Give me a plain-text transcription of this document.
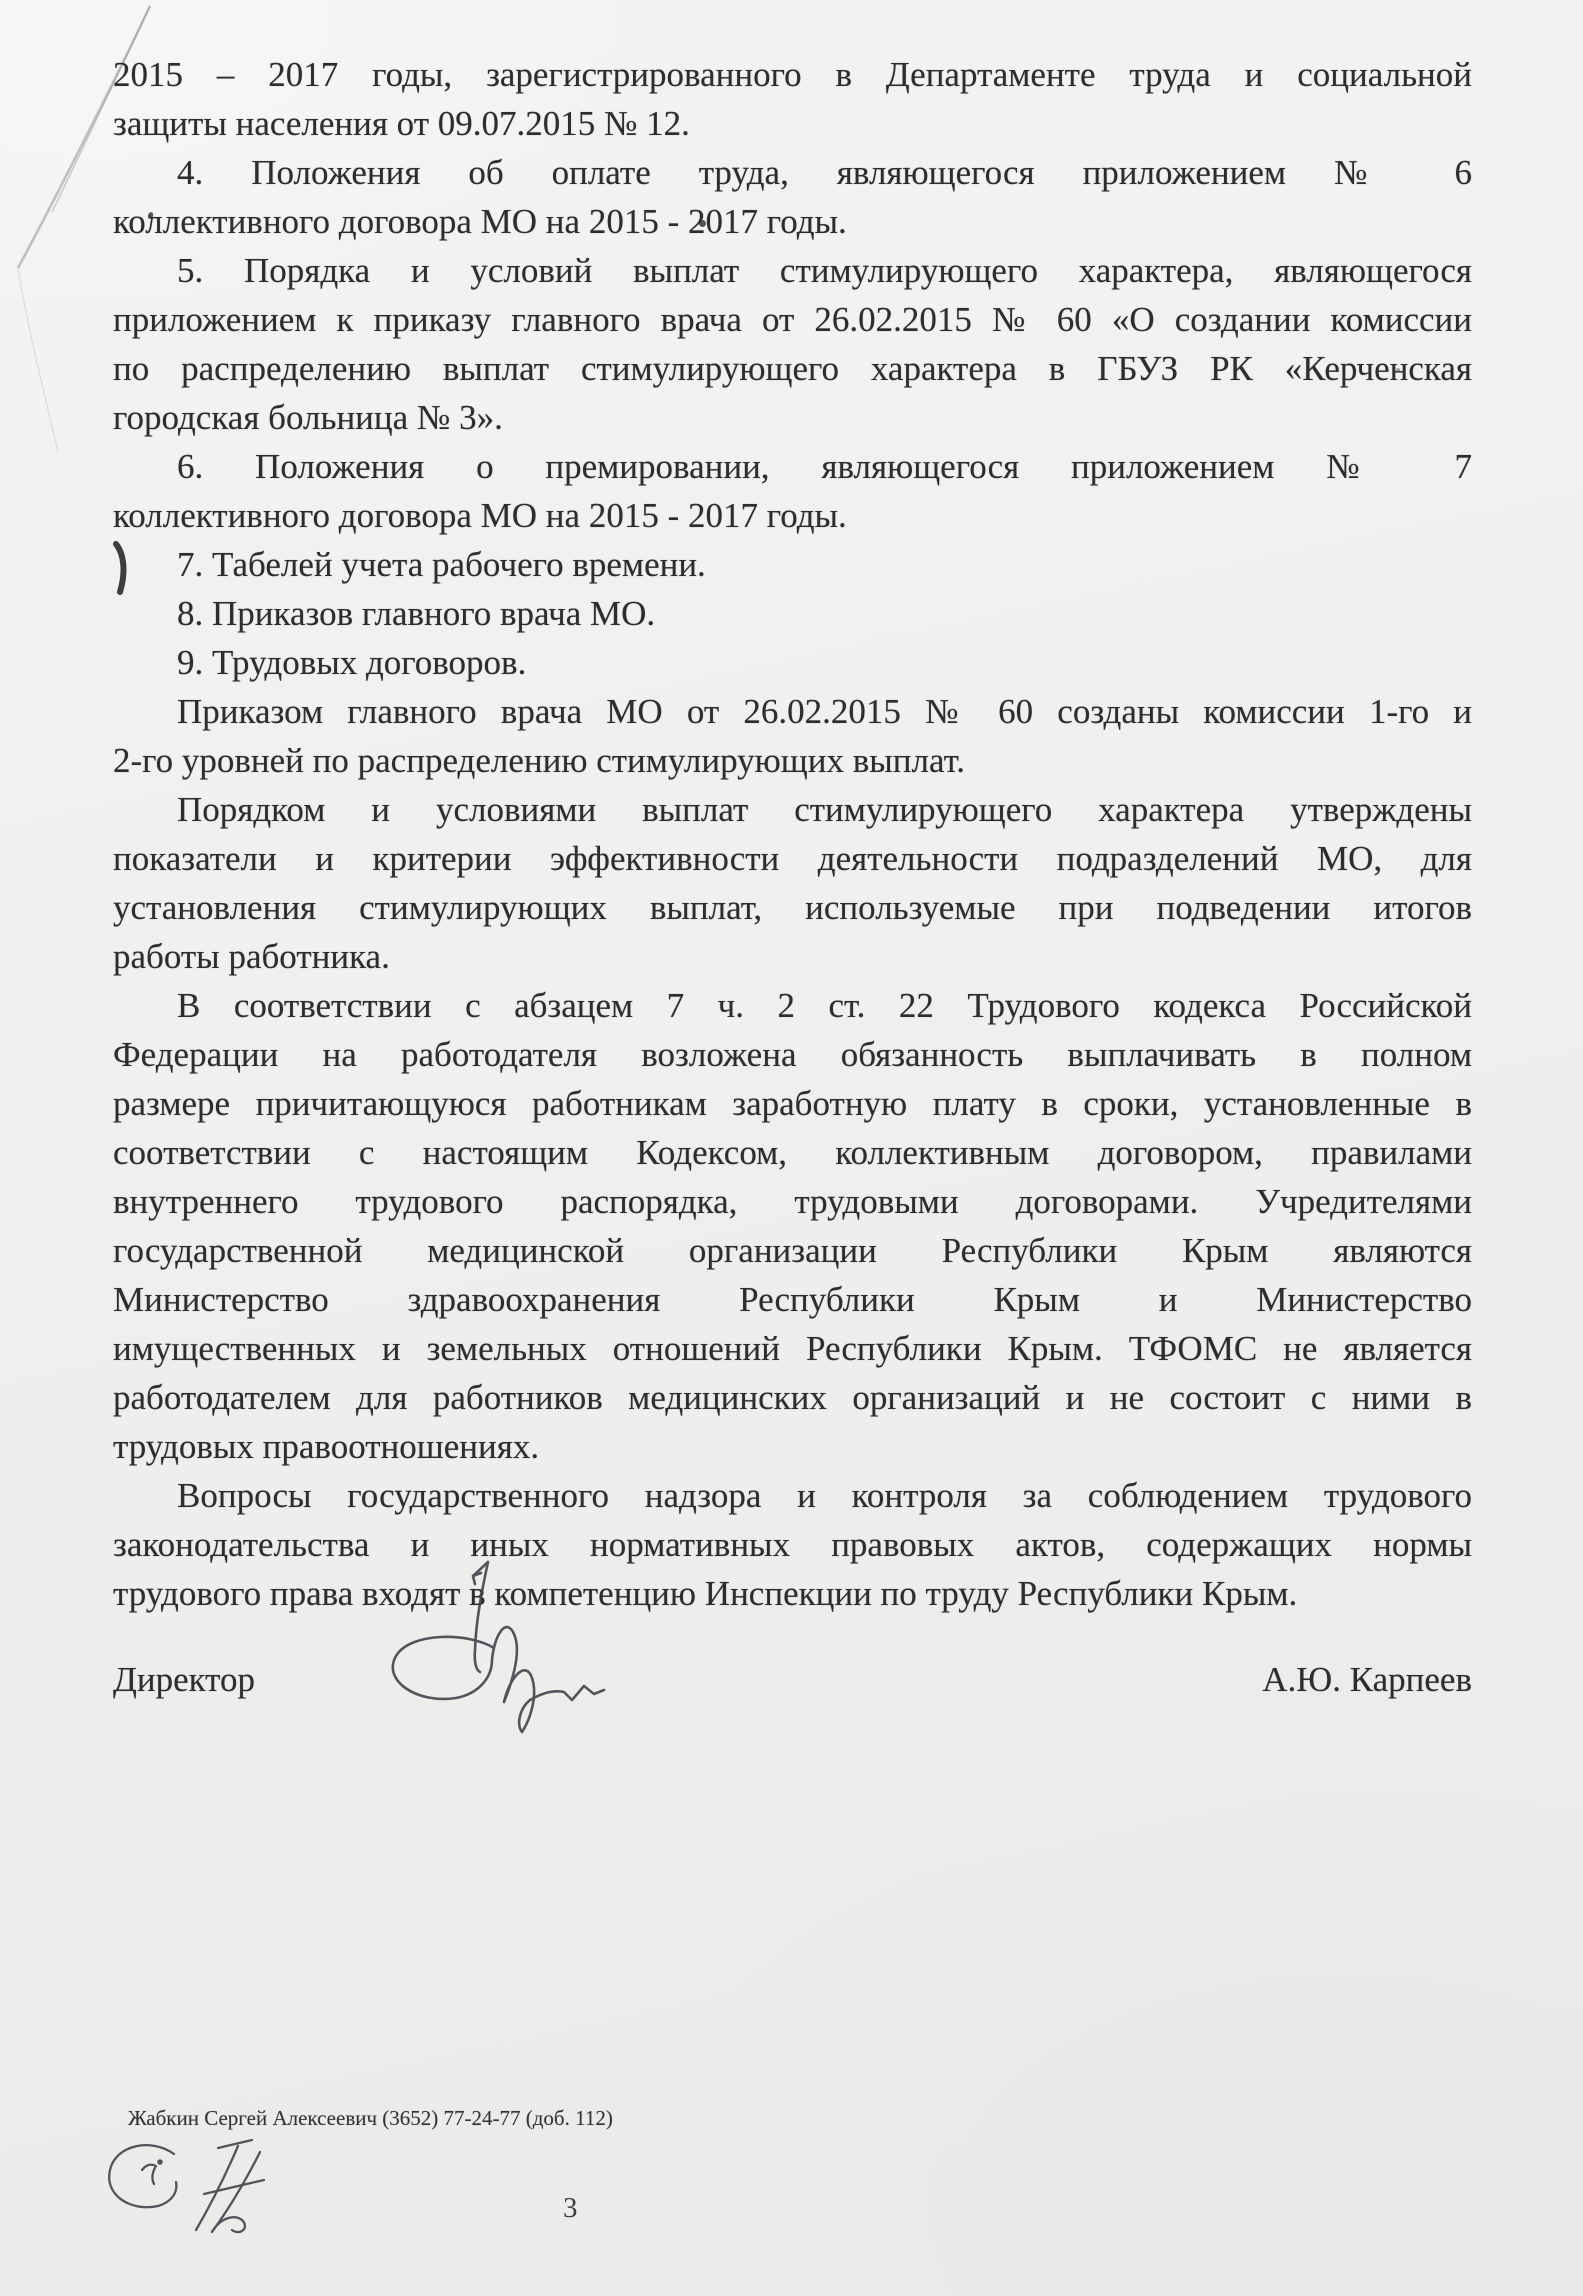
2015 – 2017 годы, зарегистрированного в Департаменте труда и социальной
защиты населения от 09.07.2015 № 12.
4. Положения об оплате труда, являющегося приложением № 6
коллективного договора МО на 2015 - 2017 годы.
5. Порядка и условий выплат стимулирующего характера, являющегося
приложением к приказу главного врача от 26.02.2015 № 60 «О создании комиссии
по распределению выплат стимулирующего характера в ГБУЗ РК «Керченская
городская больница № 3».
6. Положения о премировании, являющегося приложением № 7
коллективного договора МО на 2015 - 2017 годы.
7. Табелей учета рабочего времени.
8. Приказов главного врача МО.
9. Трудовых договоров.
Приказом главного врача МО от 26.02.2015 № 60 созданы комиссии 1-го и
2-го уровней по распределению стимулирующих выплат.
Порядком и условиями выплат стимулирующего характера утверждены
показатели и критерии эффективности деятельности подразделений МО, для
установления стимулирующих выплат, используемые при подведении итогов
работы работника.
В соответствии с абзацем 7 ч. 2 ст. 22 Трудового кодекса Российской
Федерации на работодателя возложена обязанность выплачивать в полном
размере причитающуюся работникам заработную плату в сроки, установленные в
соответствии с настоящим Кодексом, коллективным договором, правилами
внутреннего трудового распорядка, трудовыми договорами. Учредителями
государственной медицинской организации Республики Крым являются
Министерство здравоохранения Республики Крым и Министерство
имущественных и земельных отношений Республики Крым. ТФОМС не является
работодателем для работников медицинских организаций и не состоит с ними в
трудовых правоотношениях.
Вопросы государственного надзора и контроля за соблюдением трудового
законодательства и иных нормативных правовых актов, содержащих нормы
трудового права входят в компетенцию Инспекции по труду Республики Крым.
Директор	А.Ю. Карпеев
Жабкин Сергей Алексеевич (3652) 77-24-77 (доб. 112)
3
